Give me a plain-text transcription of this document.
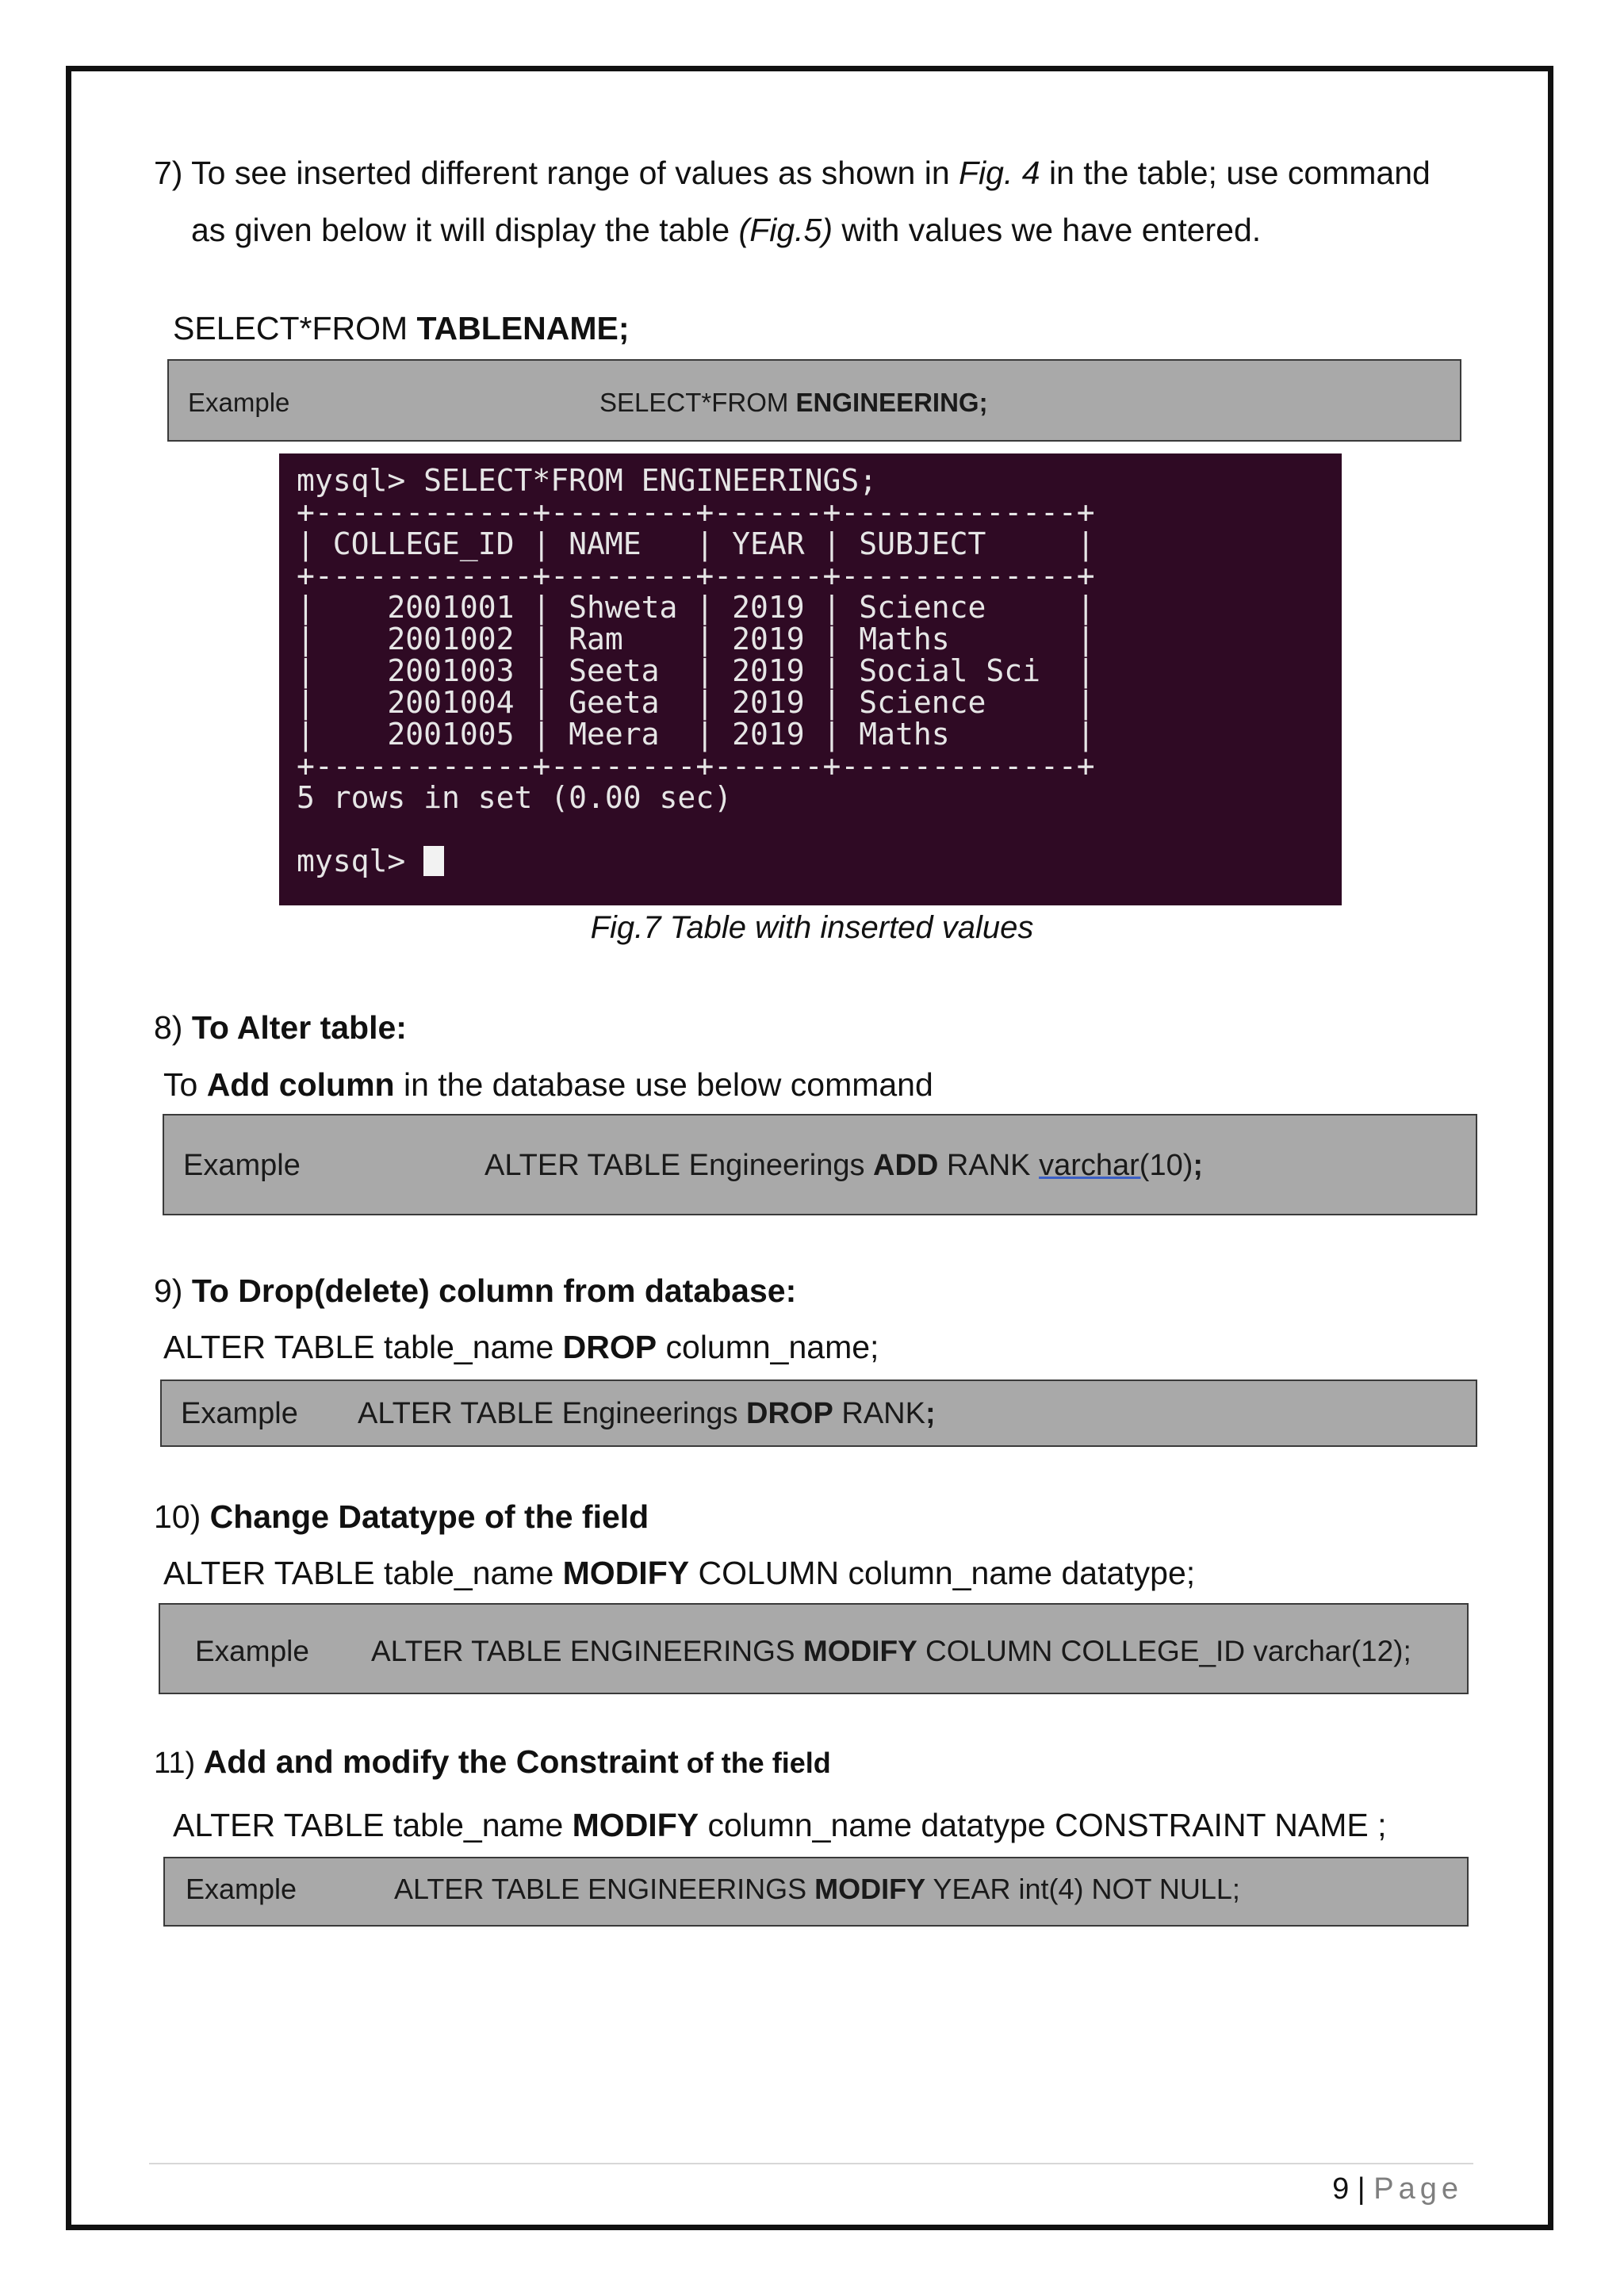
7) To see inserted different range of values as shown in Fig. 4 in the table; use command
as given below it will display the table (Fig.5) with values we have entered.
SELECT*FROM TABLENAME;
Example	SELECT*FROM ENGINEERING;
mysql> SELECT*FROM ENGINEERINGS;
+------------+--------+------+-------------+
| COLLEGE_ID | NAME   | YEAR | SUBJECT     |
+------------+--------+------+-------------+
|    2001001 | Shweta | 2019 | Science     |
|    2001002 | Ram    | 2019 | Maths       |
|    2001003 | Seeta  | 2019 | Social Sci  |
|    2001004 | Geeta  | 2019 | Science     |
|    2001005 | Meera  | 2019 | Maths       |
+------------+--------+------+-------------+
5 rows in set (0.00 sec)

mysql>
Fig.7 Table with inserted values
8) To Alter table:
To Add column in the database use below command
Example	ALTER TABLE Engineerings ADD RANK varchar(10);
9) To Drop(delete) column from database:
ALTER TABLE table_name DROP column_name;
Example ALTER TABLE Engineerings DROP RANK;
10) Change Datatype of the field
ALTER TABLE table_name MODIFY COLUMN column_name datatype;
Example ALTER TABLE ENGINEERINGS MODIFY COLUMN COLLEGE_ID varchar(12);
11) Add and modify the Constraint of the field
ALTER TABLE table_name MODIFY column_name datatype CONSTRAINT NAME ;
Example	ALTER TABLE ENGINEERINGS MODIFY YEAR int(4) NOT NULL;
9 | Page
